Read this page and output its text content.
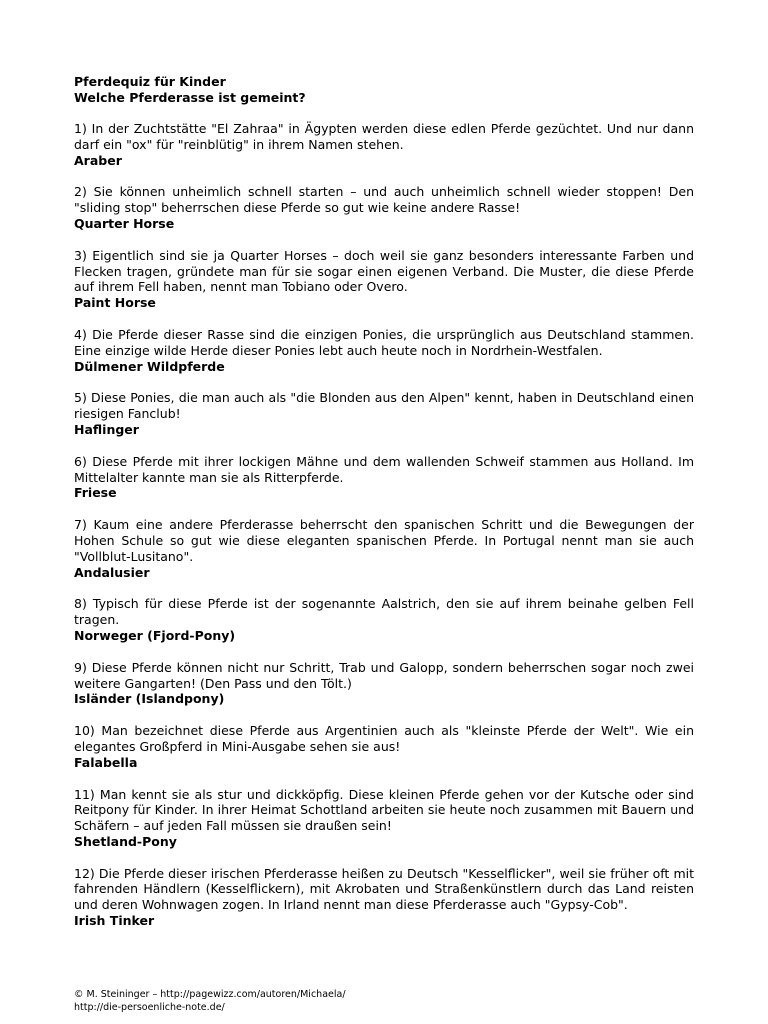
Pferdequiz für Kinder

Welche Pferderasse ist gemeint?

1) In der Zuchtstätte "El Zahraa" in Ägypten werden diese edlen Pferde gezüchtet. Und nur dann darf ein "ox" für "reinblütig" in ihrem Namen stehen.

Araber

2) Sie können unheimlich schnell starten – und auch unheimlich schnell wieder stoppen! Den "sliding stop" beherrschen diese Pferde so gut wie keine andere Rasse!

Quarter Horse

3) Eigentlich sind sie ja Quarter Horses – doch weil sie ganz besonders interessante Farben und Flecken tragen, gründete man für sie sogar einen eigenen Verband. Die Muster, die diese Pferde auf ihrem Fell haben, nennt man Tobiano oder Overo.

Paint Horse

4) Die Pferde dieser Rasse sind die einzigen Ponies, die ursprünglich aus Deutschland stammen. Eine einzige wilde Herde dieser Ponies lebt auch heute noch in Nordrhein-Westfalen.

Dülmener Wildpferde

5) Diese Ponies, die man auch als "die Blonden aus den Alpen" kennt, haben in Deutschland einen riesigen Fanclub!

Haflinger

6) Diese Pferde mit ihrer lockigen Mähne und dem wallenden Schweif stammen aus Holland. Im Mittelalter kannte man sie als Ritterpferde.

Friese

7) Kaum eine andere Pferderasse beherrscht den spanischen Schritt und die Bewegungen der Hohen Schule so gut wie diese eleganten spanischen Pferde. In Portugal nennt man sie auch "Vollblut-Lusitano".

Andalusier

8) Typisch für diese Pferde ist der sogenannte Aalstrich, den sie auf ihrem beinahe gelben Fell tragen.

Norweger (Fjord-Pony)

9) Diese Pferde können nicht nur Schritt, Trab und Galopp, sondern beherrschen sogar noch zwei weitere Gangarten! (Den Pass und den Tölt.)

Isländer (Islandpony)

10) Man bezeichnet diese Pferde aus Argentinien auch als "kleinste Pferde der Welt". Wie ein elegantes Großpferd in Mini-Ausgabe sehen sie aus!

Falabella

11) Man kennt sie als stur und dickköpfig. Diese kleinen Pferde gehen vor der Kutsche oder sind Reitpony für Kinder. In ihrer Heimat Schottland arbeiten sie heute noch zusammen mit Bauern und Schäfern – auf jeden Fall müssen sie draußen sein!

Shetland-Pony

12) Die Pferde dieser irischen Pferderasse heißen zu Deutsch "Kesselflicker", weil sie früher oft mit fahrenden Händlern (Kesselflickern), mit Akrobaten und Straßenkünstlern durch das Land reisten und deren Wohnwagen zogen. In Irland nennt man diese Pferderasse auch "Gypsy-Cob".

Irish Tinker

© M. Steininger – http://pagewizz.com/autoren/Michaela/
http://die-persoenliche-note.de/
